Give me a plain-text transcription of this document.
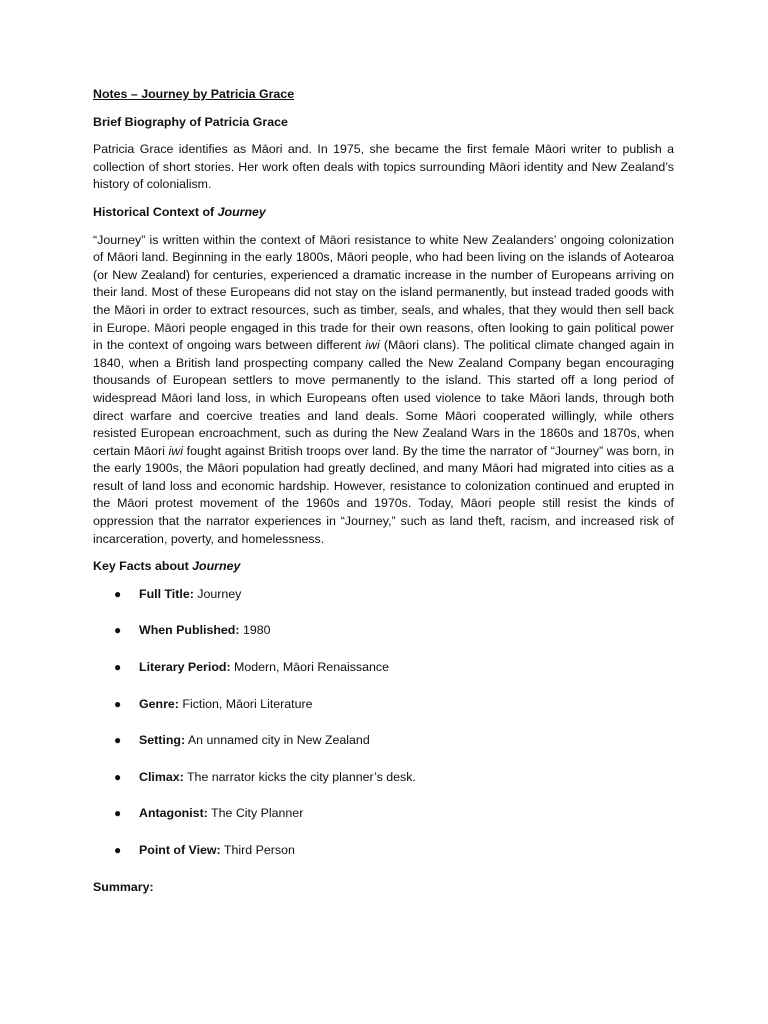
Notes – Journey by Patricia Grace

Brief Biography of Patricia Grace

Patricia Grace identifies as Māori and. In 1975, she became the first female Māori writer to publish a collection of short stories. Her work often deals with topics surrounding Māori identity and New Zealand’s history of colonialism.

Historical Context of Journey

“Journey” is written within the context of Māori resistance to white New Zealanders’ ongoing colonization of Māori land. Beginning in the early 1800s, Māori people, who had been living on the islands of Aotearoa (or New Zealand) for centuries, experienced a dramatic increase in the number of Europeans arriving on their land. Most of these Europeans did not stay on the island permanently, but instead traded goods with the Māori in order to extract resources, such as timber, seals, and whales, that they would then sell back in Europe. Māori people engaged in this trade for their own reasons, often looking to gain political power in the context of ongoing wars between different iwi (Māori clans). The political climate changed again in 1840, when a British land prospecting company called the New Zealand Company began encouraging thousands of European settlers to move permanently to the island. This started off a long period of widespread Māori land loss, in which Europeans often used violence to take Māori lands, through both direct warfare and coercive treaties and land deals. Some Māori cooperated willingly, while others resisted European encroachment, such as during the New Zealand Wars in the 1860s and 1870s, when certain Māori iwi fought against British troops over land. By the time the narrator of “Journey” was born, in the early 1900s, the Māori population had greatly declined, and many Māori had migrated into cities as a result of land loss and economic hardship. However, resistance to colonization continued and erupted in the Māori protest movement of the 1960s and 1970s. Today, Māori people still resist the kinds of oppression that the narrator experiences in “Journey,” such as land theft, racism, and increased risk of incarceration, poverty, and homelessness.

Key Facts about Journey

● Full Title: Journey
● When Published: 1980
● Literary Period: Modern, Māori Renaissance
● Genre: Fiction, Māori Literature
● Setting: An unnamed city in New Zealand
● Climax: The narrator kicks the city planner’s desk.
● Antagonist: The City Planner
● Point of View: Third Person

Summary:
